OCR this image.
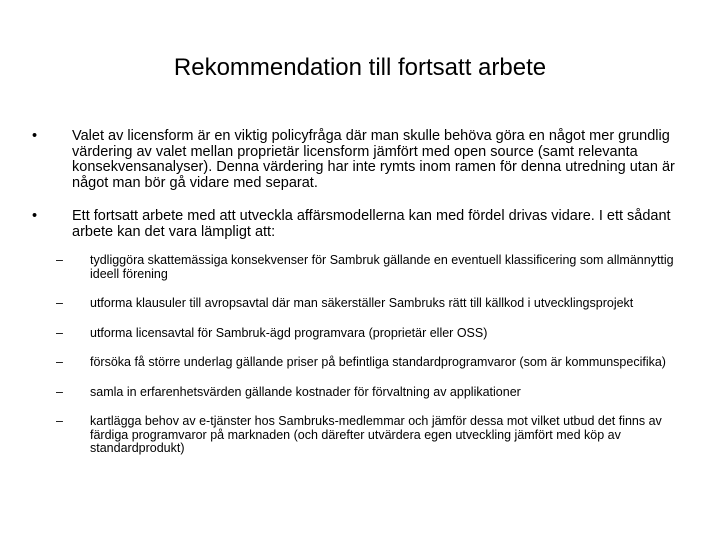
Rekommendation till fortsatt arbete
• Valet av licensform är en viktig policyfråga där man skulle behöva göra en något mer grundlig värdering av valet mellan proprietär licensform jämfört med open source (samt relevanta konsekvensanalyser). Denna värdering har inte rymts inom ramen för denna utredning utan är något man bör gå vidare med separat.
• Ett fortsatt arbete med att utveckla affärsmodellerna kan med fördel drivas vidare. I ett sådant arbete kan det vara lämpligt att:
– tydliggöra skattemässiga konsekvenser för Sambruk gällande en eventuell klassificering som allmännyttig ideell förening
– utforma klausuler till avropsavtal där man säkerställer Sambruks rätt till källkod i utvecklingsprojekt
– utforma licensavtal för Sambruk-ägd programvara (proprietär eller OSS)
– försöka få större underlag gällande priser på befintliga standardprogramvaror (som är kommunspecifika)
– samla in erfarenhetsvärden gällande kostnader för förvaltning av applikationer
– kartlägga behov av e-tjänster hos Sambruks-medlemmar och jämför dessa mot vilket utbud det finns av färdiga programvaror på marknaden (och därefter utvärdera egen utveckling jämfört med köp av standardprodukt)
